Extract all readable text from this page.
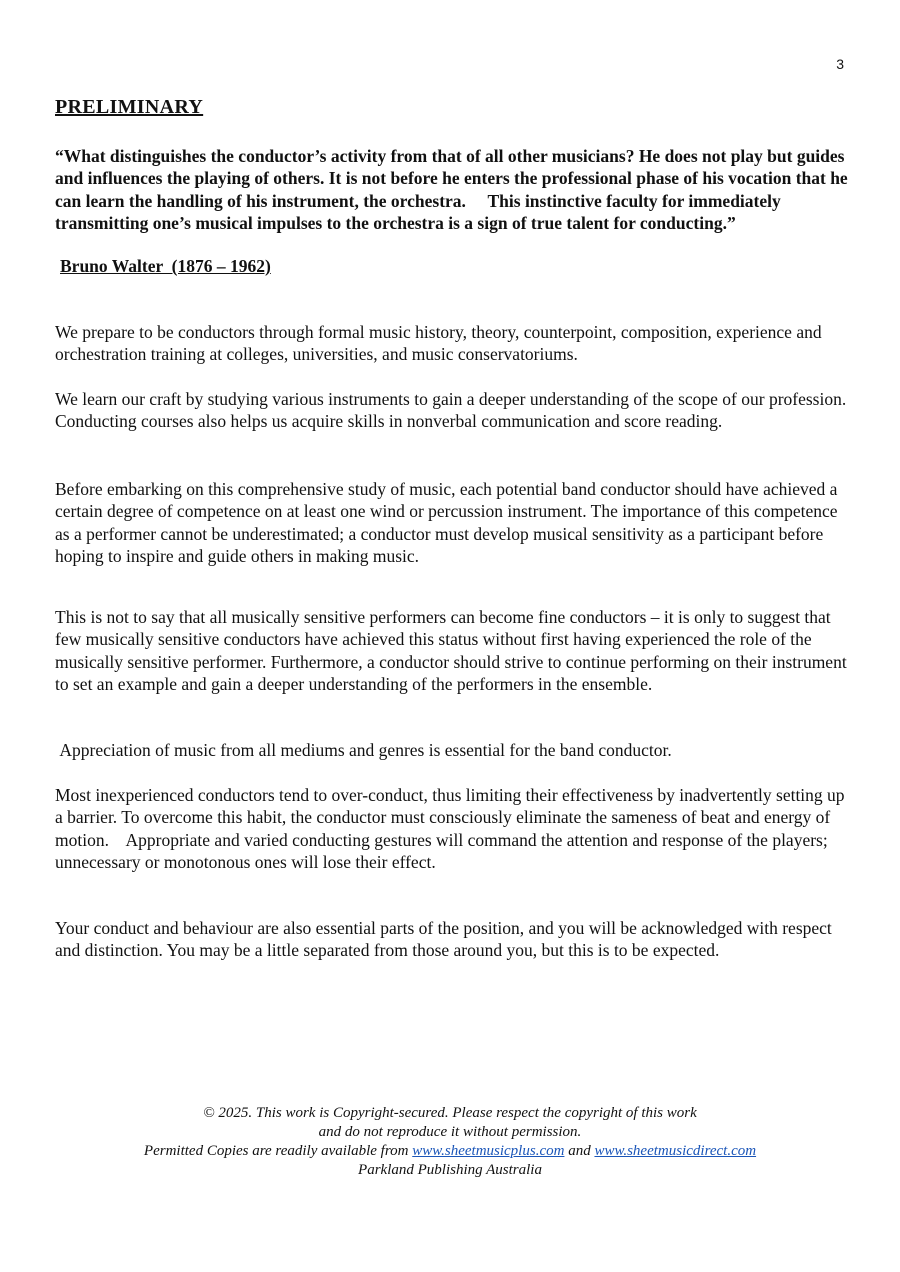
3
PRELIMINARY

“What distinguishes the conductor’s activity from that of all other musicians? He does not play but guides and influences the playing of others. It is not before he enters the professional phase of his vocation that he can learn the handling of his instrument, the orchestra.     This instinctive faculty for immediately transmitting one’s musical impulses to the orchestra is a sign of true talent for conducting.”

Bruno Walter  (1876 – 1962)

We prepare to be conductors through formal music history, theory, counterpoint, composition, experience and orchestration training at colleges, universities, and music conservatoriums.

We learn our craft by studying various instruments to gain a deeper understanding of the scope of our profession. Conducting courses also helps us acquire skills in nonverbal communication and score reading.

Before embarking on this comprehensive study of music, each potential band conductor should have achieved a certain degree of competence on at least one wind or percussion instrument. The importance of this competence as a performer cannot be underestimated; a conductor must develop musical sensitivity as a participant before hoping to inspire and guide others in making music.

This is not to say that all musically sensitive performers can become fine conductors – it is only to suggest that few musically sensitive conductors have achieved this status without first having experienced the role of the musically sensitive performer. Furthermore, a conductor should strive to continue performing on their instrument to set an example and gain a deeper understanding of the performers in the ensemble.

Appreciation of music from all mediums and genres is essential for the band conductor.

Most inexperienced conductors tend to over-conduct, thus limiting their effectiveness by inadvertently setting up a barrier. To overcome this habit, the conductor must consciously eliminate the sameness of beat and energy of motion.    Appropriate and varied conducting gestures will command the attention and response of the players; unnecessary or monotonous ones will lose their effect.

Your conduct and behaviour are also essential parts of the position, and you will be acknowledged with respect and distinction. You may be a little separated from those around you, but this is to be expected.

© 2025. This work is Copyright-secured. Please respect the copyright of this work
and do not reproduce it without permission.
Permitted Copies are readily available from www.sheetmusicplus.com and www.sheetmusicdirect.com
Parkland Publishing Australia
